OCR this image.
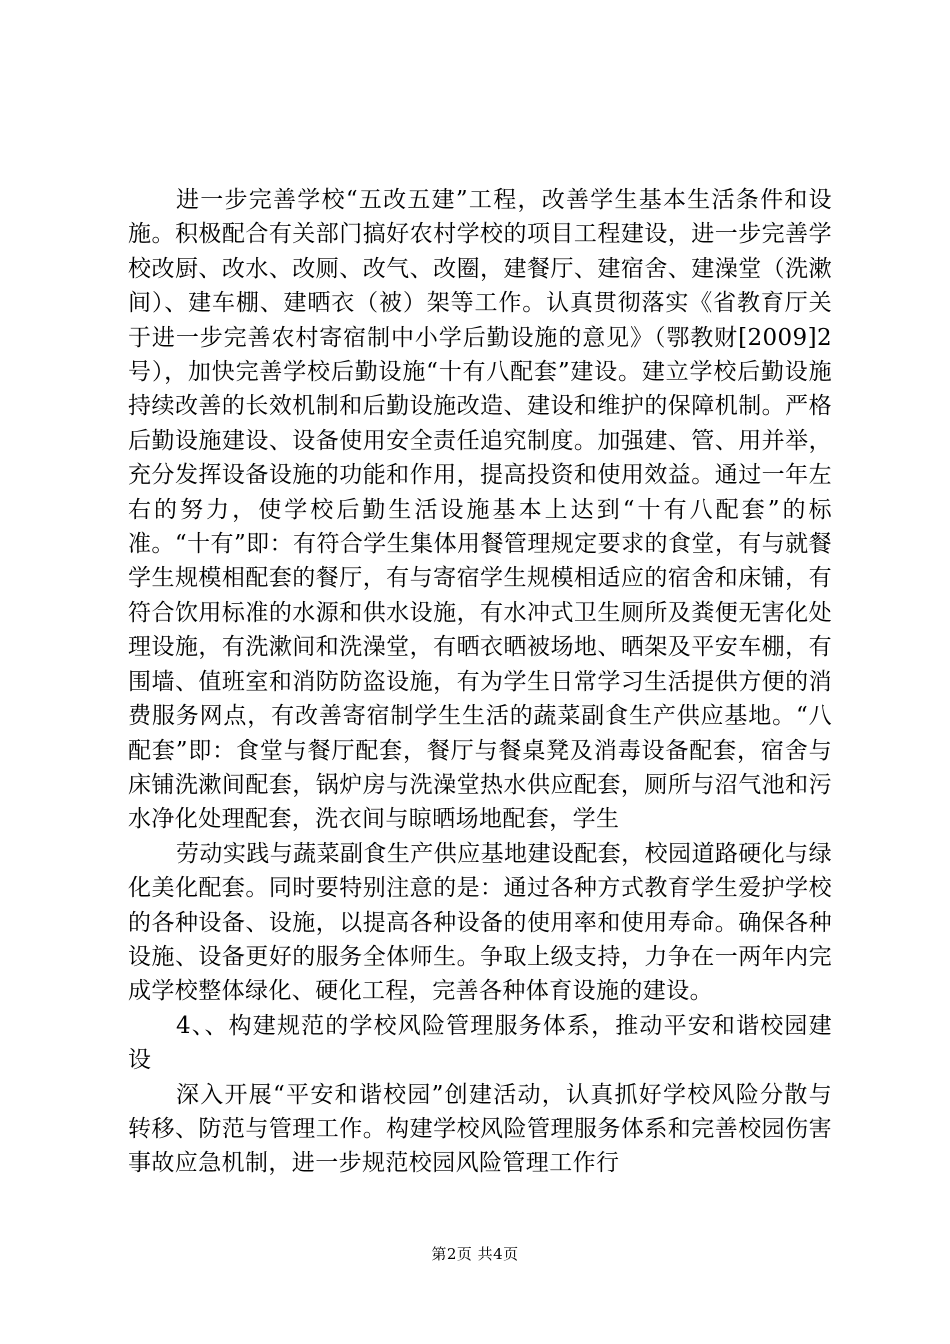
进一步完善学校“五改五建”工程，改善学生基本生活条件和设施。积极配合有关部门搞好农村学校的项目工程建设，进一步完善学校改厨、改水、改厕、改气、改圈，建餐厅、建宿舍、建澡堂（洗漱间）、建车棚、建晒衣（被）架等工作。认真贯彻落实《省教育厅关于进一步完善农村寄宿制中小学后勤设施的意见》（鄂教财[2009]2号），加快完善学校后勤设施“十有八配套”建设。建立学校后勤设施持续改善的长效机制和后勤设施改造、建设和维护的保障机制。严格后勤设施建设、设备使用安全责任追究制度。加强建、管、用并举，充分发挥设备设施的功能和作用，提高投资和使用效益。通过一年左右的努力，使学校后勤生活设施基本上达到“十有八配套”的标准。“十有”即：有符合学生集体用餐管理规定要求的食堂，有与就餐学生规模相配套的餐厅，有与寄宿学生规模相适应的宿舍和床铺，有符合饮用标准的水源和供水设施，有水冲式卫生厕所及粪便无害化处理设施，有洗漱间和洗澡堂，有晒衣晒被场地、晒架及平安车棚，有围墙、值班室和消防防盗设施，有为学生日常学习生活提供方便的消费服务网点，有改善寄宿制学生生活的蔬菜副食生产供应基地。“八配套”即：食堂与餐厅配套，餐厅与餐桌凳及消毒设备配套，宿舍与床铺洗漱间配套，锅炉房与洗澡堂热水供应配套，厕所与沼气池和污水净化处理配套，洗衣间与晾晒场地配套，学生

劳动实践与蔬菜副食生产供应基地建设配套，校园道路硬化与绿化美化配套。同时要特别注意的是：通过各种方式教育学生爱护学校的各种设备、设施，以提高各种设备的使用率和使用寿命。确保各种设施、设备更好的服务全体师生。争取上级支持，力争在一两年内完成学校整体绿化、硬化工程，完善各种体育设施的建设。

4、、构建规范的学校风险管理服务体系，推动平安和谐校园建设

深入开展“平安和谐校园”创建活动，认真抓好学校风险分散与转移、防范与管理工作。构建学校风险管理服务体系和完善校园伤害事故应急机制，进一步规范校园风险管理工作行

第2页 共4页
